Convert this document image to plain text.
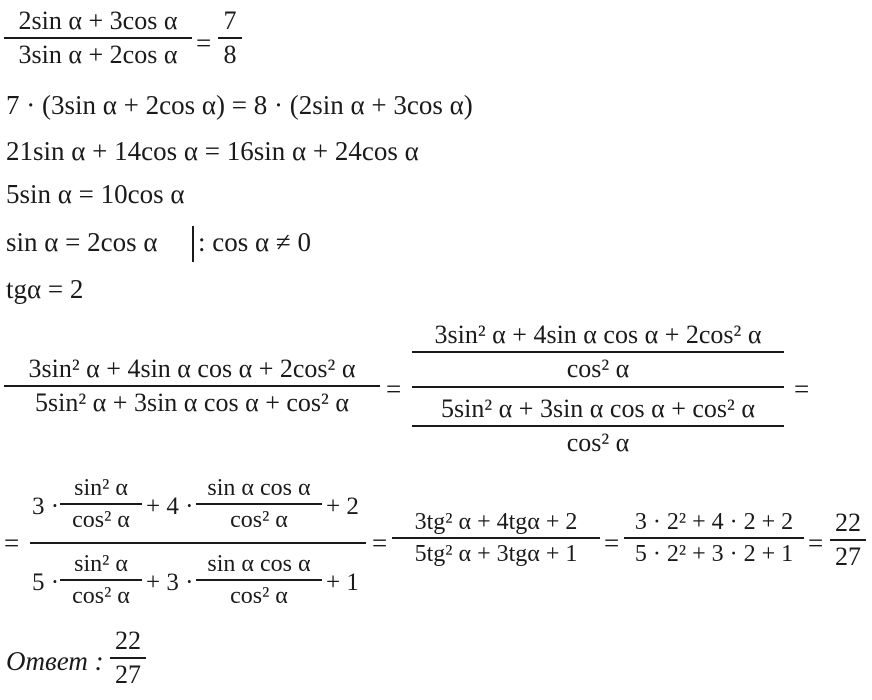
2sin α + 3cos α
3sin α + 2cos α =
7
8
7 · (3sin α + 2cos α) = 8 · (2sin α + 3cos α)
21sin α + 14cos α = 16sin α + 24cos α
5sin α = 10cos α
sin α = 2cos α : cos α ≠ 0
tgα = 2
3sin² α + 4sin α cos α + 2cos² α
5sin² α + 3sin α cos α + cos² α	=
3sin² α + 4sin α cos α + 2cos² α
cos² α
5sin² α + 3sin α cos α + cos² α
cos² α
=
=
3 ·
sin² α
cos² α + 4 ·
sin α cos α
cos² α	+ 2
5 ·
sin² α
cos² α + 3 ·
sin α cos α
cos² α	+ 1
=
3tg² α + 4tgα + 2
5tg² α + 3tgα + 1 =
3 · 2² + 4 · 2 + 2
5 · 2² + 3 · 2 + 1 =
22
27
Ответ :
22
27
